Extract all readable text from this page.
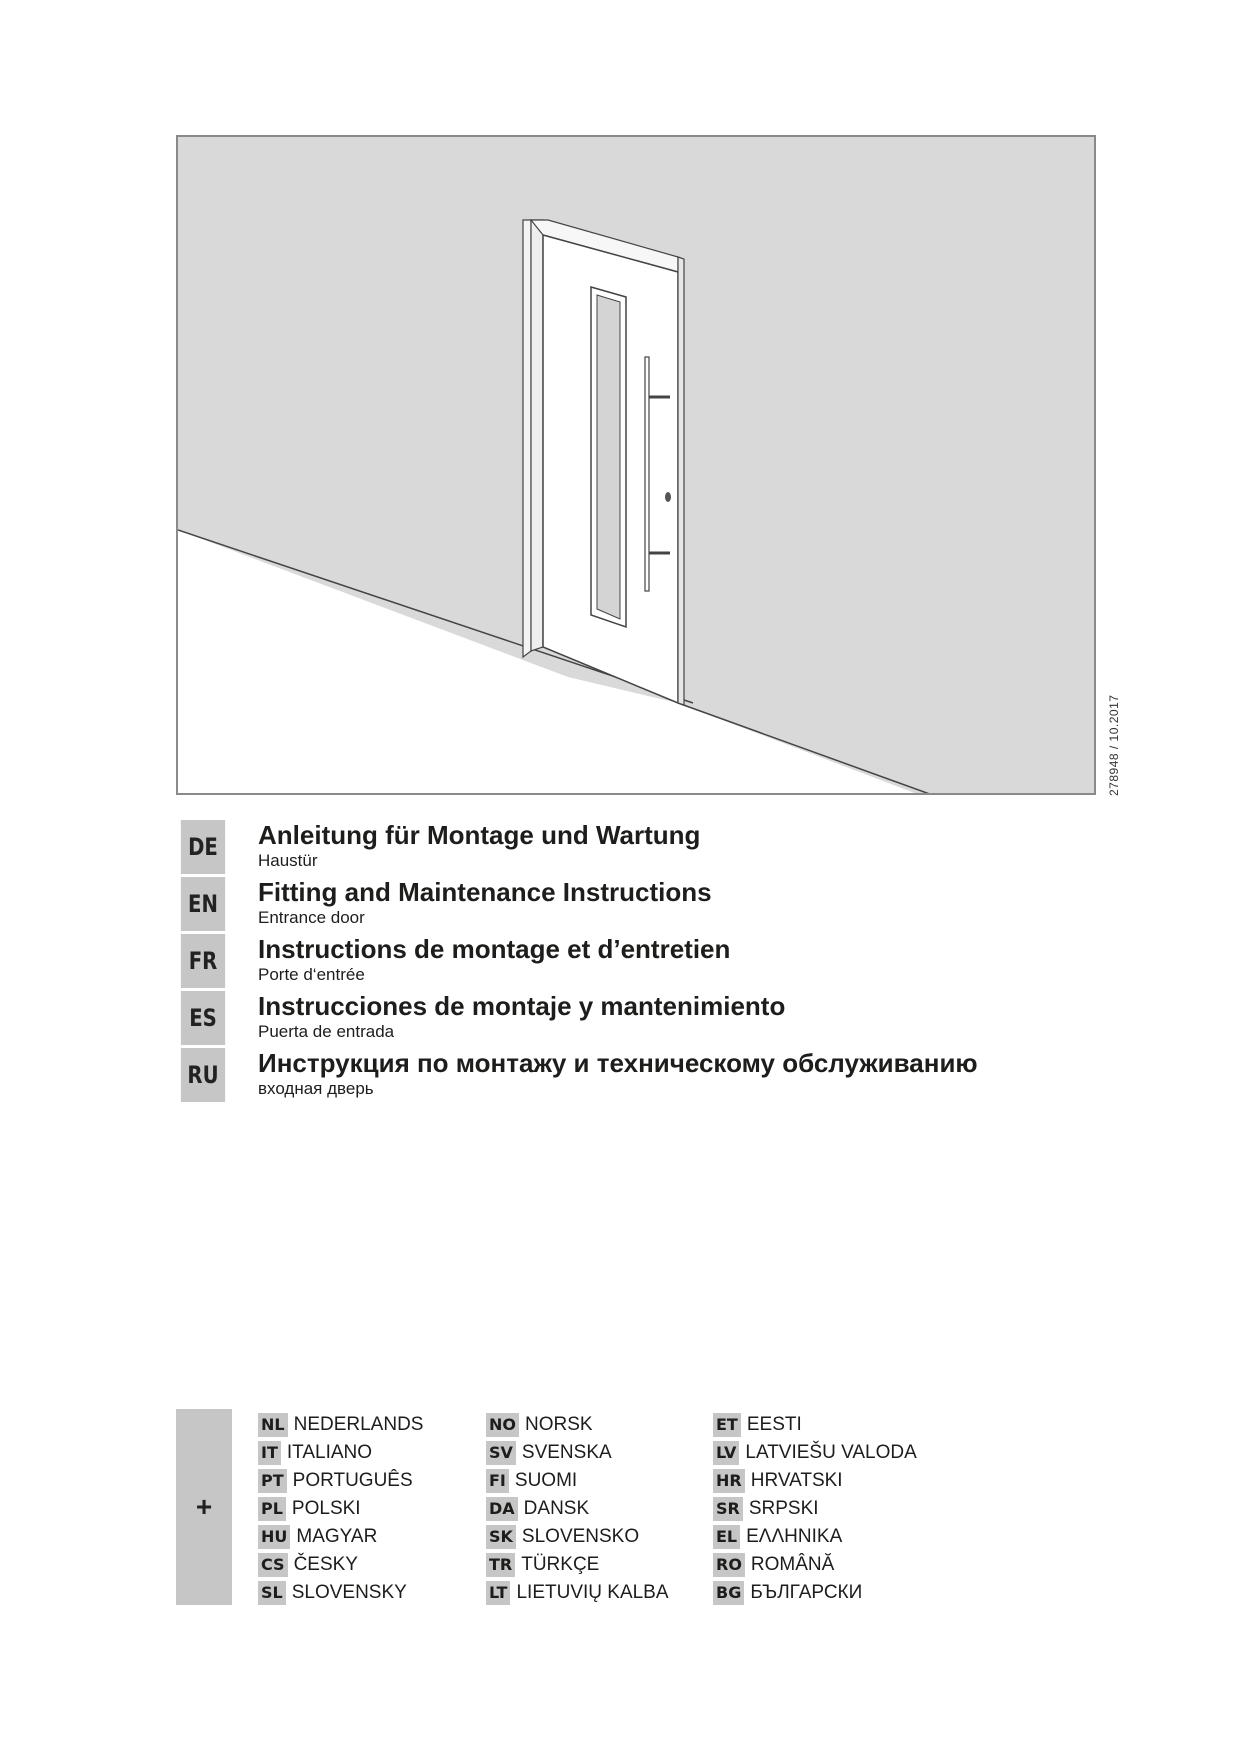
278948 / 10.2017
DE Anleitung für Montage und Wartung
Haustür
EN Fitting and Maintenance Instructions
Entrance door
FR	Instructions de montage et d’entretien
Porte d‘entrée
ES	Instrucciones de montaje y mantenimiento
Puerta de entrada
RU Инструкция по монтажу и техническому обслуживанию
входная дверь
+
NL NEDERLANDS	NO NORSK	ET EESTI
IT ITALIANO	SV SVENSKA	LV LATVIEŠU VALODA
PT PORTUGUÊS	FI SUOMI	HR HRVATSKI
PL POLSKI	DA DANSK	SR SRPSKI
HU MAGYAR	SK SLOVENSKO	EL ΕΛΛΗΝΙΚΑ
CS ČESKY	TR TÜRKÇE	RO ROMÂNĂ
SL SLOVENSKY	LT LIETUVIŲ KALBA	BG БЪЛГАРСКИ
